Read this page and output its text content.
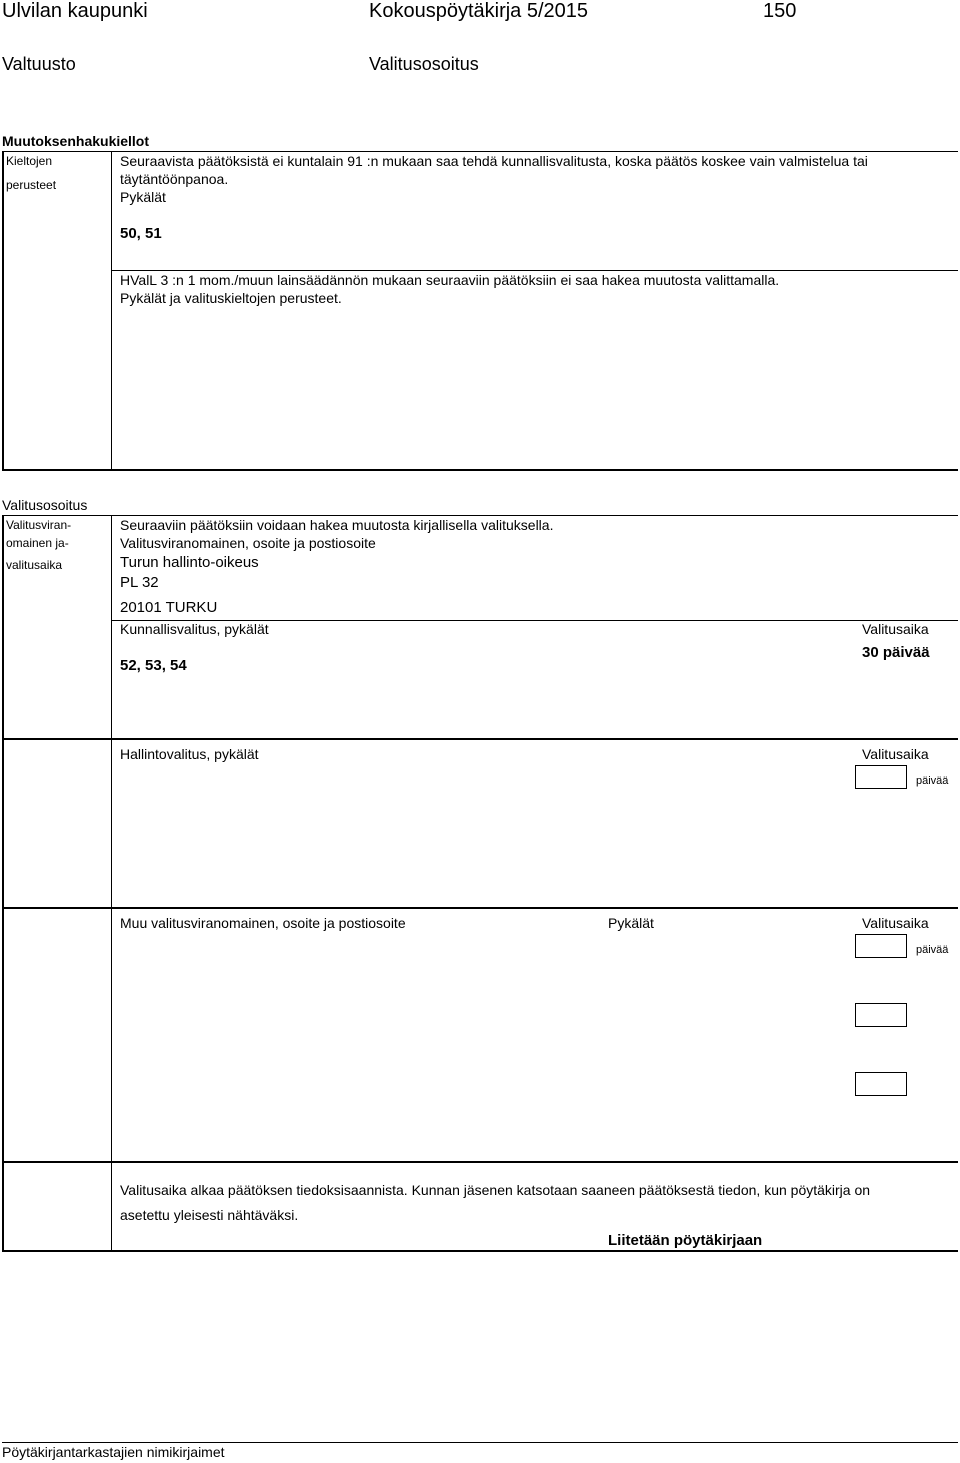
Ulvilan kaupunki	Kokouspöytäkirja 5/2015	150
Valtuusto	Valitusosoitus
Muutoksenhakukiellot
Kieltojen
perusteet
Seuraavista päätöksistä ei kuntalain 91 :n mukaan saa tehdä kunnallisvalitusta, koska päätös koskee vain valmistelua tai
täytäntöönpanoa.
Pykälät
50, 51
HValL 3 :n 1 mom./muun lainsäädännön mukaan seuraaviin päätöksiin ei saa hakea muutosta valittamalla.
Pykälät ja valituskieltojen perusteet.
Valitusosoitus
Valitusviran-
omainen ja-
valitusaika
Seuraaviin päätöksiin voidaan hakea muutosta kirjallisella valituksella.
Valitusviranomainen, osoite ja postiosoite
Turun hallinto-oikeus
PL 32
20101 TURKU
Kunnallisvalitus, pykälät
52, 53, 54
Valitusaika
30 päivää
Hallintovalitus, pykälät	Valitusaika
päivää
Muu valitusviranomainen, osoite ja postiosoite	Pykälät	Valitusaika
päivää
Valitusaika alkaa päätöksen tiedoksisaannista. Kunnan jäsenen katsotaan saaneen päätöksestä tiedon, kun pöytäkirja on
asetettu yleisesti nähtäväksi.
Liitetään pöytäkirjaan
Pöytäkirjantarkastajien nimikirjaimet
